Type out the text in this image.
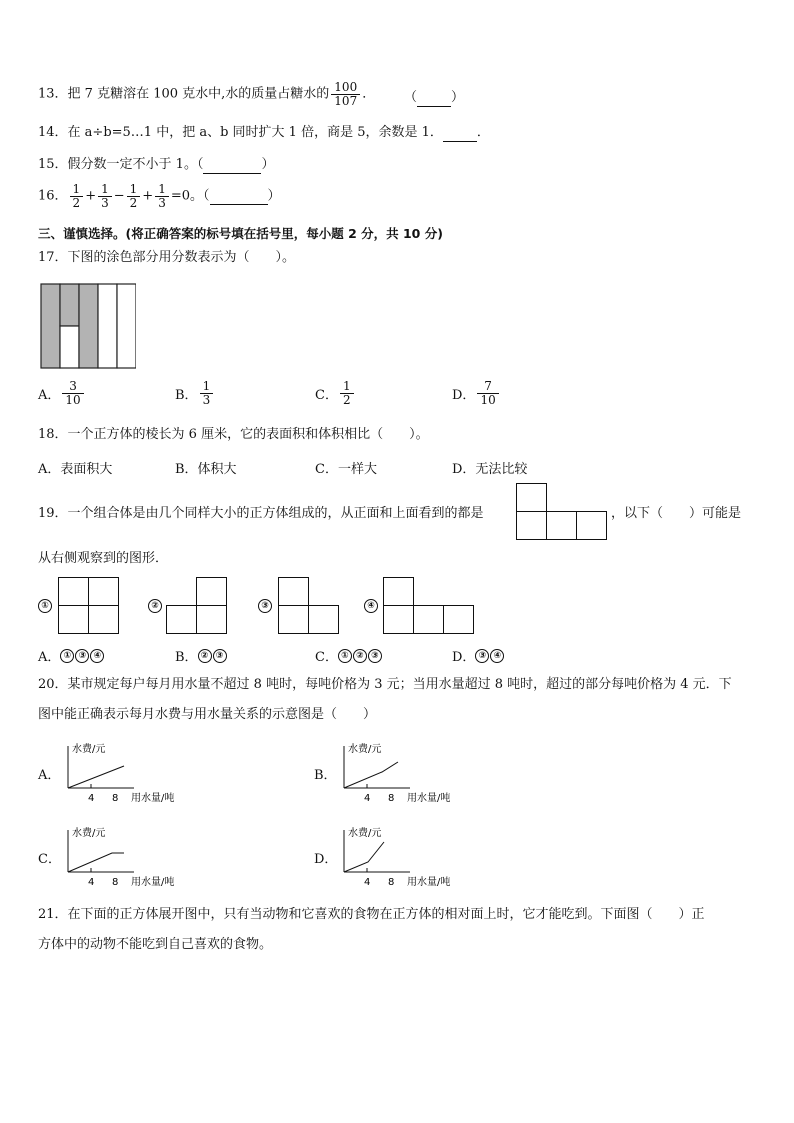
13．把 7 克糖溶在 100 克水中,水的质量占糖水的 $\frac{100}{107}$ ． （	）
14．在 a÷b=5…1 中，把 a、b 同时扩大 1 倍，商是 5，余数是 1．	．
15．假分数一定不小于 1。（	）
16． $\frac{1}{2} + \frac{1}{3} - \frac{1}{2} + \frac{1}{3} =0$。（	）
三、谨慎选择。(将正确答案的标号填在括号里，每小题 2 分，共 10 分)
17．下图的涂色部分用分数表示为（　　）。
A． $\frac{3}{10}$	B． $\frac{1}{3}$	C． $\frac{1}{2}$	D． $\frac{7}{10}$
18．一个正方体的棱长为 6 厘米，它的表面积和体积相比（　　）。
A．表面积大	B．体积大	C．一样大	D．无法比较
19．一个组合体是由几个同样大小的正方体组成的，从正面和上面看到的都是	，以下（　　）可能是
从右侧观察到的图形．
①	②	③	④
A． ① ③ ④	B． ② ③	C． ① ② ③	D． ③ ④
20．某市规定每户每月用水量不超过 8 吨时，每吨价格为 3 元；当用水量超过 8 吨时，超过的部分每吨价格为 4 元．下
图中能正确表示每月水费与用水量关系的示意图是（　　）
A．
水费/元
用水量/吨
4 8
B．
水费/元
用水量/吨
4 8
C．
水费/元
用水量/吨
4 8
D．
水费/元
用水量/吨
4 8
21．在下面的正方体展开图中，只有当动物和它喜欢的食物在正方体的相对面上时，它才能吃到。下面图（　　）正
方体中的动物不能吃到自己喜欢的食物。
